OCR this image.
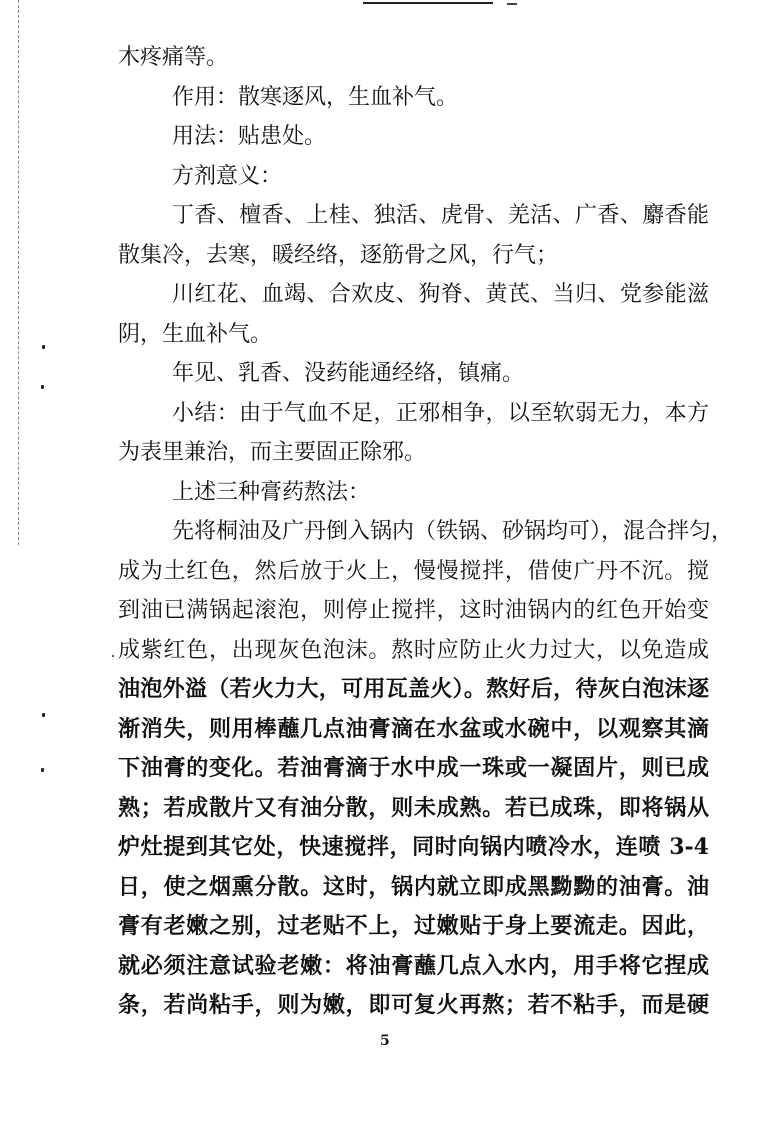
木疼痛等。
作用：散寒逐风，生血补气。
用法：贴患处。
方剂意义：
丁香、檀香、上桂、独活、虎骨、羌活、广香、麝香能
散集冷，去寒，暖经络，逐筋骨之风，行气；
川红花、血竭、合欢皮、狗脊、黄芪、当归、党参能滋
阴，生血补气。
年见、乳香、没药能通经络，镇痛。
小结：由于气血不足，正邪相争，以至软弱无力，本方
为表里兼治，而主要固正除邪。
上述三种膏药熬法：
先将桐油及广丹倒入锅内（铁锅、砂锅均可），混合拌匀，
成为土红色，然后放于火上，慢慢搅拌，借使广丹不沉。搅
到油已满锅起滚泡，则停止搅拌，这时油锅内的红色开始变
成紫红色，出现灰色泡沫。熬时应防止火力过大，以免造成
油泡外溢（若火力大，可用瓦盖火）。熬好后，待灰白泡沫逐
渐消失，则用棒蘸几点油膏滴在水盆或水碗中，以观察其滴
下油膏的变化。若油膏滴于水中成一珠或一凝固片，则已成
熟；若成散片又有油分散，则未成熟。若已成珠，即将锅从
炉灶提到其它处，快速搅拌，同时向锅内喷冷水，连喷 3-4
日，使之烟熏分散。这时，锅内就立即成黑黝黝的油膏。油
膏有老嫩之别，过老贴不上，过嫩贴于身上要流走。因此，
就必须注意试验老嫩：将油膏蘸几点入水内，用手将它捏成
条，若尚粘手，则为嫩，即可复火再熬；若不粘手，而是硬
5
